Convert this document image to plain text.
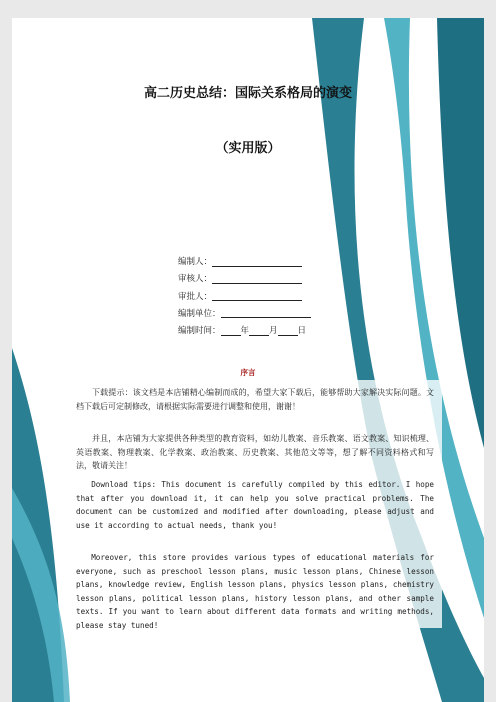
高二历史总结：国际关系格局的演变
（实用版）
编制人：
审核人：
审批人：
编制单位：
编制时间： 年 月 日
序言

下载提示：该文档是本店铺精心编制而成的，希望大家下载后，能够帮助大家解决实际问题。文档下载后可定制修改，请根据实际需要进行调整和使用，谢谢！

并且，本店铺为大家提供各种类型的教育资料，如幼儿教案、音乐教案、语文教案、知识梳理、英语教案、物理教案、化学教案、政治教案、历史教案、其他范文等等，想了解不同资料格式和写法，敬请关注！

Download tips: This document is carefully compiled by this editor. I hope that after you download it, it can help you solve practical problems. The document can be customized and modified after downloading, please adjust and use it according to actual needs, thank you!

Moreover, this store provides various types of educational materials for everyone, such as preschool lesson plans, music lesson plans, Chinese lesson plans, knowledge review, English lesson plans, physics lesson plans, chemistry lesson plans, political lesson plans, history lesson plans, and other sample texts. If you want to learn about different data formats and writing methods, please stay tuned!
